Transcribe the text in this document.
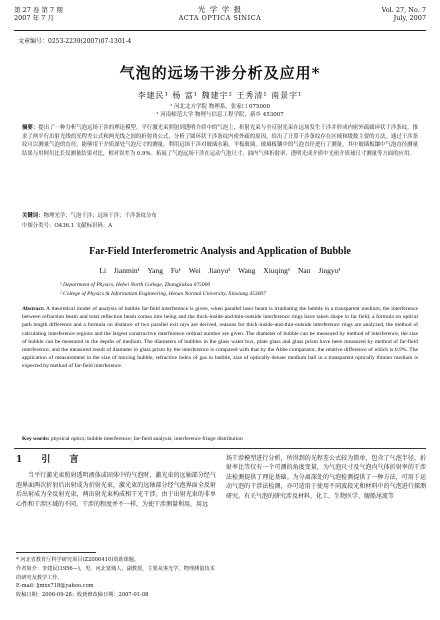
第 27 卷 第 7 期
2007 年 7 月
光 学 学 报
ACTA OPTICA SINICA
Vol. 27, No. 7
July, 2007
文章编号：0253-2239(2007)07-1301-4
气泡的远场干涉分析及应用*
李建民¹ 杨 富¹ 魏建宇² 王秀清¹ 南景宇¹
¹ 河北北方学院 物理系，张家口 075000
² 河南师范大学 物理与信息工程学院，新乡 453007
摘要：提出了一种分析气泡远场干涉的理论模型。平行激光束照射到透明介质中的气泡上，折射光束与全反射光束在远场发生干涉并形成内密外疏圆环状干涉条纹，推求了两平行出射光线的光程差公式和两光线之间的折射角公式，分析了圆环状干涉条纹内密外疏的原因，给出了计算干涉条纹存在区域和级数主要的方法。通过干涉条纹可以测量气泡的直径，能够用于介质深处气泡尺寸的测量。利用远场干涉对玻璃水箱，平板玻璃，玻璃板镶中的气泡直径进行了测量，其中玻璃板镶中气泡直径测量结果与用阿贝比长仪测量结果对比，相对误差为 0.9%。拓展了气泡远场干涉在运动气泡尺寸、油内气体折射率、透明光成介质中光密介质球尺寸测量等方面的应用。
关键词：物理光学；气泡干涉；远场干涉；干涉条纹分布
中图分类号：O436.1 文献标识码：A
Far-Field Interferometric Analysis and Application of Bubble
Li Jianmin¹ Yang Fu¹ Wei Jianyu² Wang Xiuqing¹ Nan Jingyu¹
¹ Department of Physics, Hebei North College, Zhangjiakou 075000
² College of Physics & Information Engineering, Henan Normal University, Xinxiang 453007
Abstract: A theoretical model of analysis of bubble far-field interference is given, when parallel laser beam is irradiating the bubble in a transparent medium, the interference between refraction beam and total reflection beam comes into being and the thick-inside-and-thin-outside interference rings have taken shape in far field, a formula on optical path length difference and a formula on distance of two parallel exit rays are derived, reasons for thick-inside-and-thin-outside interference rings are analyzed, the method of calculating interference regions and the largest constructive interference ordinal number are given. The diameter of bubble can be measured by method of interference, the size of bubble can be measured in the depths of medium. The diameters of bubbles in the glass water box, plate glass and glass prism have been measured by method of far-field interference, and the measured result of diameter in glass prism by the interference is compared with that by the Abbe comparator, the relative difference of which is 0.9%. The application of measurement in the size of moving bubble, refractive index of gas in bubble, size of optically denser medium ball in a transparent optically thinner medium is expected by method of far-field interference.
Key words: physical optics; bubble interference; far-field analysis; interference fringe distribution
1 引 言
当平行激光束照射透明液体或固体中的气泡时，激光束的远轴部分经气泡界面两次折射后出射成为折射光束，激光束的远轴部分经气泡界面全反射后出射成为全反射光束，两出射光束构成相干光干涉。由于出射光束的非单心性和干涉区域的不同，干涉的程度并不一样，为使干涉测量利用，用远
场干涉模型进行分析，所得到的光程差公式较为简单，包含了气泡半径、折射率比等仅有一个可测的角度变量，为气泡尺寸及气泡内气体折射率的干涉法检测提供了理论基础。为分离深处的气泡检测提供了一种方法，可用于运动气泡的干涉法检测，亦可适用于使用不同波段光和材料中的气泡进行探测研究。有关气泡的研究涉及材料、化工、生物医学、舰船尾流等
* 河北省教育厅科学研究项目(Z2006410)资助课题。
作者简介：李建民(1956—)，男，河北宽城人，副教授，主要从事光学，物理测量技术的研究及教学工作。
E-mail: ljmxx718@yahoo.com
收稿日期：2006-09-28；收到修改稿日期：2007-01-08
